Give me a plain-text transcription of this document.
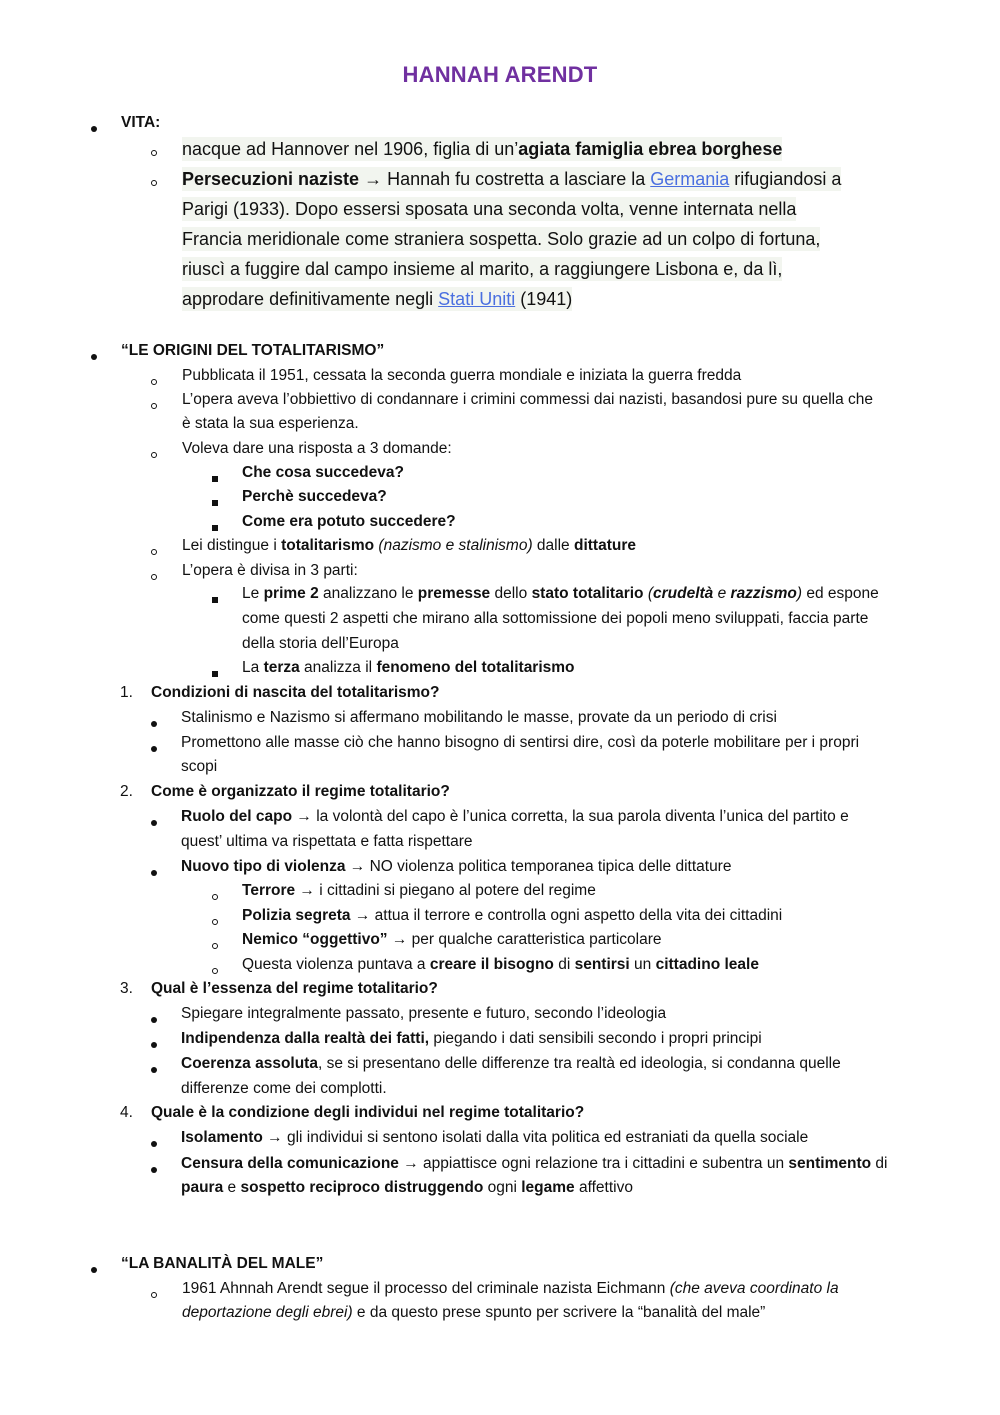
HANNAH ARENDT
VITA:
nacque ad Hannover nel 1906, figlia di un’agiata famiglia ebrea borghese
Persecuzioni naziste → Hannah fu costretta a lasciare la Germania rifugiandosi a
Parigi (1933). Dopo essersi sposata una seconda volta, venne internata nella
Francia meridionale come straniera sospetta. Solo grazie ad un colpo di fortuna,
riuscì a fuggire dal campo insieme al marito, a raggiungere Lisbona e, da lì,
approdare definitivamente negli Stati Uniti (1941)
“LE ORIGINI DEL TOTALITARISMO”
Pubblicata il 1951, cessata la seconda guerra mondiale e iniziata la guerra fredda
L’opera aveva l’obbiettivo di condannare i crimini commessi dai nazisti, basandosi pure su quella che
è stata la sua esperienza.
Voleva dare una risposta a 3 domande:
Che cosa succedeva?
Perchè succedeva?
Come era potuto succedere?
Lei distingue i totalitarismo (nazismo e stalinismo) dalle dittature
L’opera è divisa in 3 parti:
Le prime 2 analizzano le premesse dello stato totalitario (crudeltà e razzismo) ed espone
come questi 2 aspetti che mirano alla sottomissione dei popoli meno sviluppati, faccia parte
della storia dell’Europa
La terza analizza il fenomeno del totalitarismo
1. Condizioni di nascita del totalitarismo?
Stalinismo e Nazismo si affermano mobilitando le masse, provate da un periodo di crisi
Promettono alle masse ciò che hanno bisogno di sentirsi dire, così da poterle mobilitare per i propri
scopi
2. Come è organizzato il regime totalitario?
Ruolo del capo → la volontà del capo è l’unica corretta, la sua parola diventa l’unica del partito e
quest’ ultima va rispettata e fatta rispettare
Nuovo tipo di violenza → NO violenza politica temporanea tipica delle dittature
Terrore → i cittadini si piegano al potere del regime
Polizia segreta → attua il terrore e controlla ogni aspetto della vita dei cittadini
Nemico “oggettivo” → per qualche caratteristica particolare
Questa violenza puntava a creare il bisogno di sentirsi un cittadino leale
3. Qual è l’essenza del regime totalitario?
Spiegare integralmente passato, presente e futuro, secondo l’ideologia
Indipendenza dalla realtà dei fatti, piegando i dati sensibili secondo i propri principi
Coerenza assoluta, se si presentano delle differenze tra realtà ed ideologia, si condanna quelle
differenze come dei complotti.
4. Quale è la condizione degli individui nel regime totalitario?
Isolamento → gli individui si sentono isolati dalla vita politica ed estraniati da quella sociale
Censura della comunicazione → appiattisce ogni relazione tra i cittadini e subentra un sentimento di
paura e sospetto reciproco distruggendo ogni legame affettivo
“LA BANALITÀ DEL MALE”
1961 Ahnnah Arendt segue il processo del criminale nazista Eichmann (che aveva coordinato la
deportazione degli ebrei) e da questo prese spunto per scrivere la “banalità del male”
